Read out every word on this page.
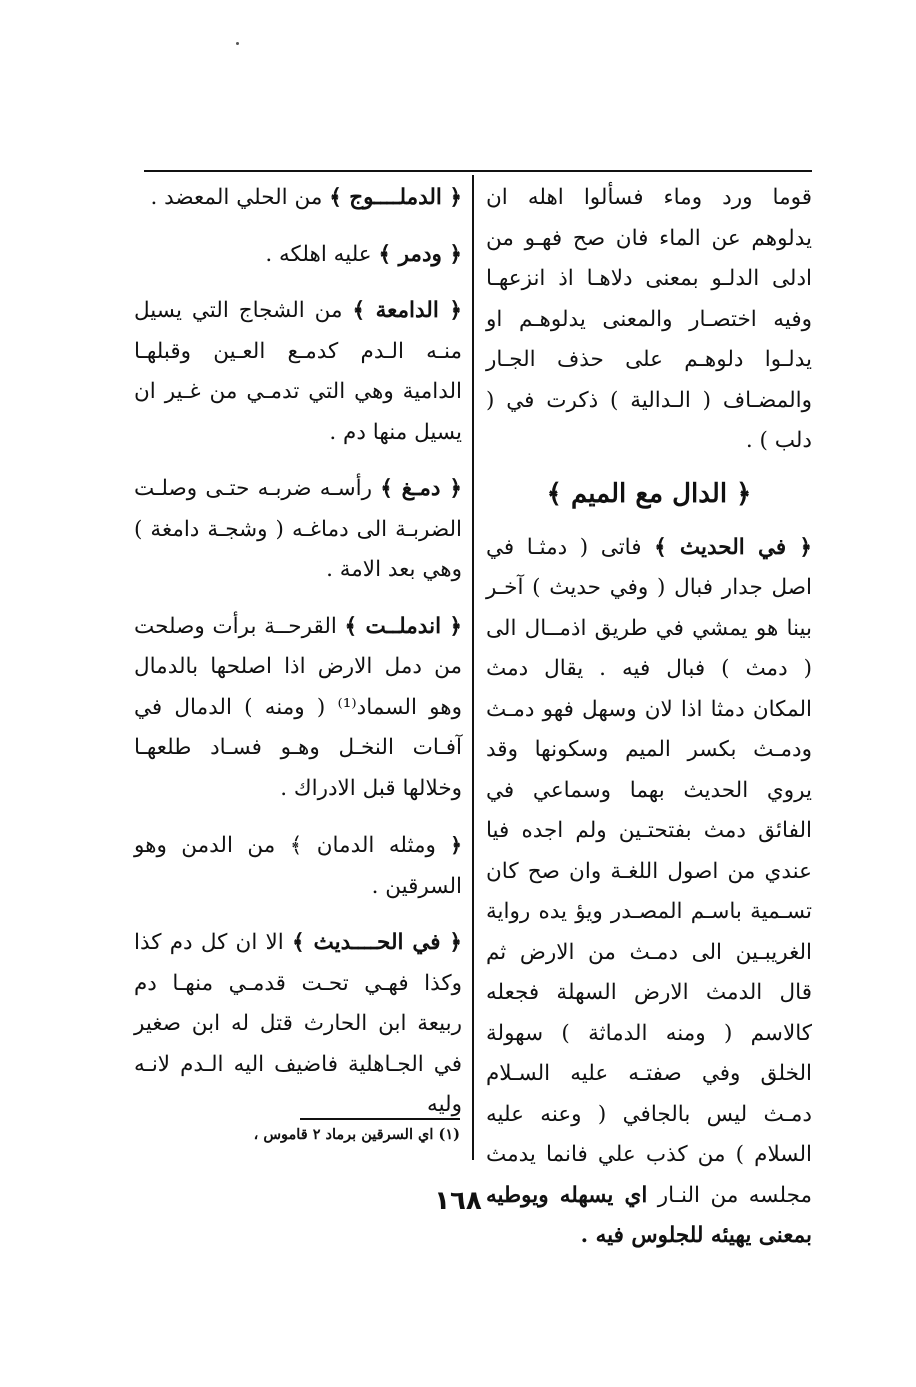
قوما ورد وماء فسألوا اهله ان يدلوهم عن الماء فان صح فهـو من ادلى الدلـو بمعنى دلاهـا اذ انزعهـا وفيه اختصـار والمعنى يدلوهـم او يدلـوا دلوهـم على حذف الجـار والمضـاف ( الـدالية ) ذكرت في ( دلب ) .

﴿ الدال مع الميم ﴾

﴿ في الحديث ﴾ فاتى ( دمثـا في اصل جدار فبال ( وفي حديث ) آخـر بينا هو يمشي في طريق اذمــال الى ( دمث ) فبال فيه . يقال دمث المكان دمثا اذا لان وسهل فهو دمـث ودمـث بكسر الميم وسكونها وقد يروي الحديث بهما وسماعي في الفائق دمث بفتحتـين ولم اجده فيا عندي من اصول اللغـة وان صح كان تسـمية باسـم المصـدر ويؤ يده رواية الغريبـين الى دمـث من الارض ثم قال الدمث الارض السهلة فجعله كالاسم ( ومنه الدماثة ) سهولة الخلق وفي صفتـه عليه السـلام دمـث ليس بالجافي ( وعنه عليه السلام ) من كذب علي فانما يدمث مجلسه من النـار اي يسهله ويوطيه بمعنى يهيئه للجلوس فيه .

﴿ الدملــــوج ﴾ من الحلي المعضد .

﴿ ودمر ﴾ عليه اهلكه .

﴿ الدامعة ﴾ من الشجاج التي يسيل منـه الـدم كدمـع العـين وقبلهـا الدامية وهي التي تدمـي من غـير ان يسيل منها دم .

﴿ دمـغ ﴾ رأسـه ضربـه حتـى وصلـت الضربـة الى دماغـه ( وشجـة دامغة ) وهي بعد الامة .

﴿ اندملــت ﴾ القرحــة برأت وصلحت من دمل الارض اذا اصلحها بالدمال وهو السماد⁽¹⁾ ( ومنه ) الدمال في آفـات النخـل وهـو فسـاد طلعهـا وخلالها قبل الادراك .

﴿ ومثله الدمان ﴾ من الدمن وهو السرقين .

﴿ في الحــــديث ﴾ الا ان كل دم كذا وكذا فهـي تحـت قدمـي منهـا دم ربيعة ابن الحارث قتل له ابن صغير في الجـاهلية فاضيف اليه الـدم لانـه وليه

(١) اي السرقين برماد ٢ قاموس ،
١٦٨
